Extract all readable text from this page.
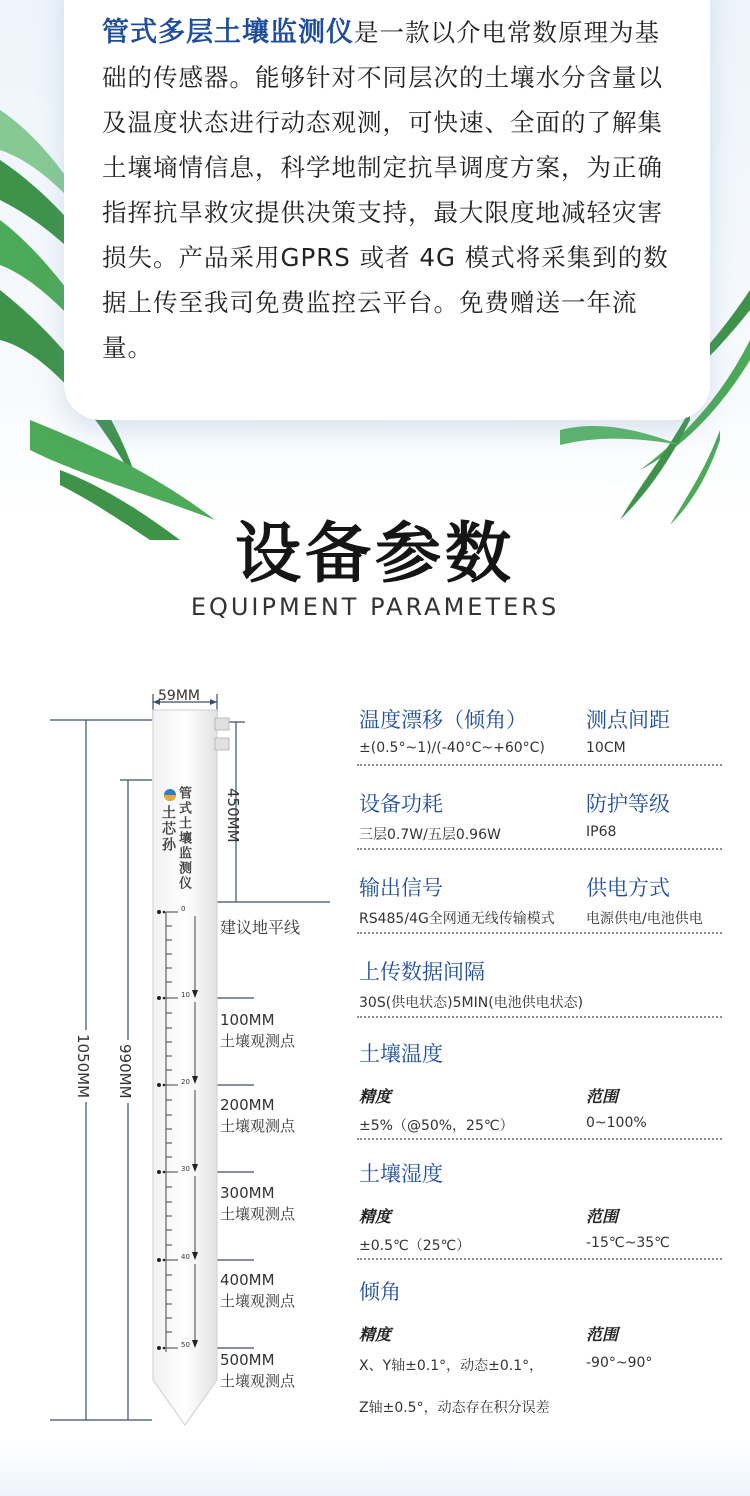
管式多层土壤监测仪是一款以介电常数原理为基础的传感器。能够针对不同层次的土壤水分含量以及温度状态进行动态观测，可快速、全面的了解集土壤墒情信息，科学地制定抗旱调度方案，为正确指挥抗旱救灾提供决策支持，最大限度地减轻灾害损失。产品采用GPRS 或者 4G 模式将采集到的数据上传至我司免费监控云平台。免费赠送一年流量。
设备参数
EQUIPMENT PARAMETERS
0
10
20
30
40
50
管式土壤监测仪
土芯孙
59MM
450MM
1050MM 990MM
建议地平线
100MM
土壤观测点
200MM
土壤观测点
300MM
土壤观测点
400MM
土壤观测点
500MM
土壤观测点
温度漂移（倾角）
±(0.5°~1)/(-40°C~+60°C)
测点间距
10CM
设备功耗
三层0.7W/五层0.96W
防护等级
IP68
输出信号
RS485/4G全网通无线传输模式
供电方式
电源供电/电池供电
上传数据间隔
30S(供电状态)5MIN(电池供电状态)
土壤温度
精度
±5%（@50%，25℃）
范围
0~100%
土壤湿度
精度
±0.5℃（25℃）
范围
-15℃~35℃
倾角
精度
X、Y轴±0.1°，动态±0.1°，
Z轴±0.5°，动态存在积分误差
范围
-90°~90°
